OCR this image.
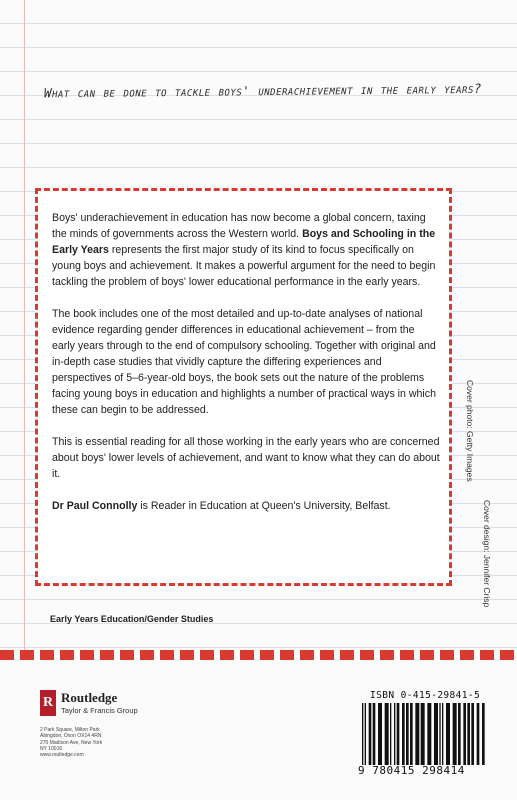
What can be done to tackle boys' underachievement in the early years?

Boys' underachievement in education has now become a global concern, taxing the minds of governments across the Western world. Boys and Schooling in the Early Years represents the first major study of its kind to focus specifically on young boys and achievement. It makes a powerful argument for the need to begin tackling the problem of boys' lower educational performance in the early years.

The book includes one of the most detailed and up-to-date analyses of national evidence regarding gender differences in educational achievement – from the early years through to the end of compulsory schooling. Together with original and in-depth case studies that vividly capture the differing experiences and perspectives of 5–6-year-old boys, the book sets out the nature of the problems facing young boys in education and highlights a number of practical ways in which these can begin to be addressed.

This is essential reading for all those working in the early years who are concerned about boys' lower levels of achievement, and want to know what they can do about it.

Dr Paul Connolly is Reader in Education at Queen's University, Belfast.

Cover photo: Getty Images
Cover design: Jennifer Crisp
Early Years Education/Gender Studies
R Routledge
Taylor & Francis Group
2 Park Square, Milton Park
Abingdon, Oxon OX14 4RN
270 Madison Ave, New York NY 10016
www.routledge.com
ISBN 0-415-29841-5
9 780415 298414
